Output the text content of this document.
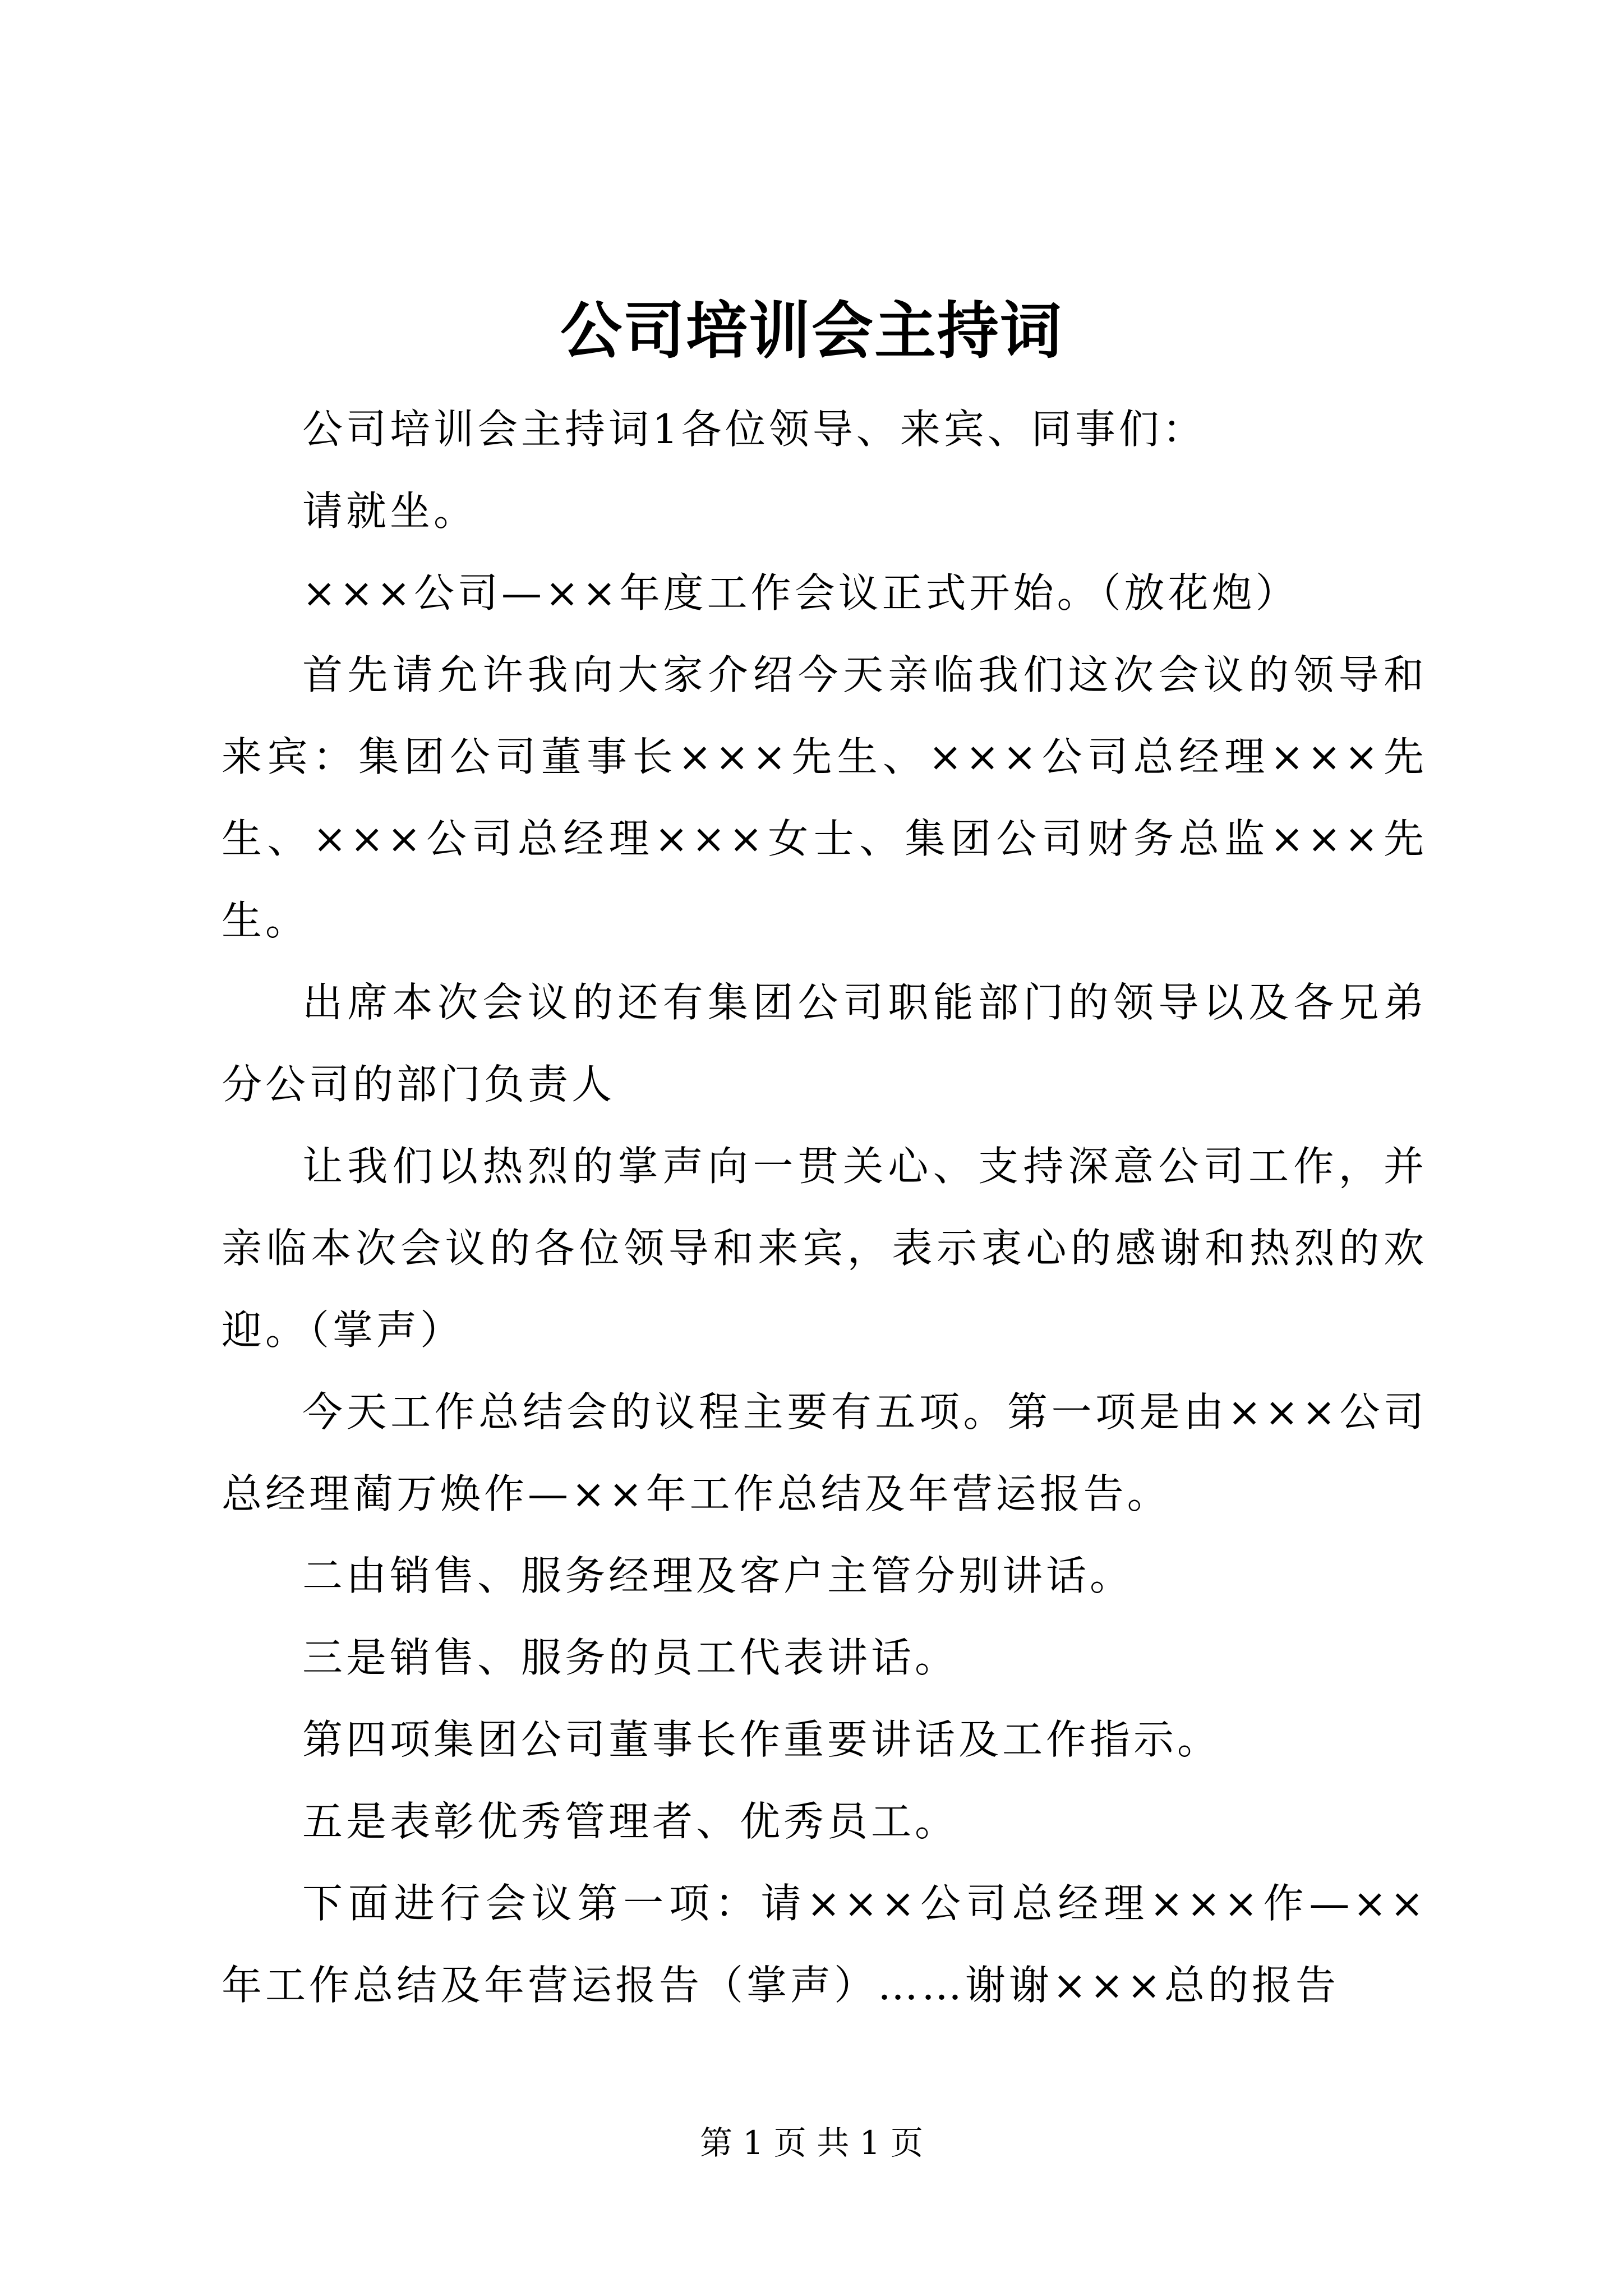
公司培训会主持词

公司培训会主持词1各位领导、来宾、同事们：

请就坐。

×××公司—××年度工作会议正式开始。（放花炮）

首先请允许我向大家介绍今天亲临我们这次会议的领导和来宾：集团公司董事长×××先生、×××公司总经理×××先生、×××公司总经理×××女士、集团公司财务总监×××先生。

出席本次会议的还有集团公司职能部门的领导以及各兄弟分公司的部门负责人

让我们以热烈的掌声向一贯关心、支持深意公司工作，并亲临本次会议的各位领导和来宾，表示衷心的感谢和热烈的欢迎。（掌声）

今天工作总结会的议程主要有五项。第一项是由×××公司总经理蔺万焕作—××年工作总结及年营运报告。

二由销售、服务经理及客户主管分别讲话。

三是销售、服务的员工代表讲话。

第四项集团公司董事长作重要讲话及工作指示。

五是表彰优秀管理者、优秀员工。

下面进行会议第一项：请×××公司总经理×××作—××年工作总结及年营运报告（掌声）……谢谢×××总的报告

第 1 页 共 1 页
